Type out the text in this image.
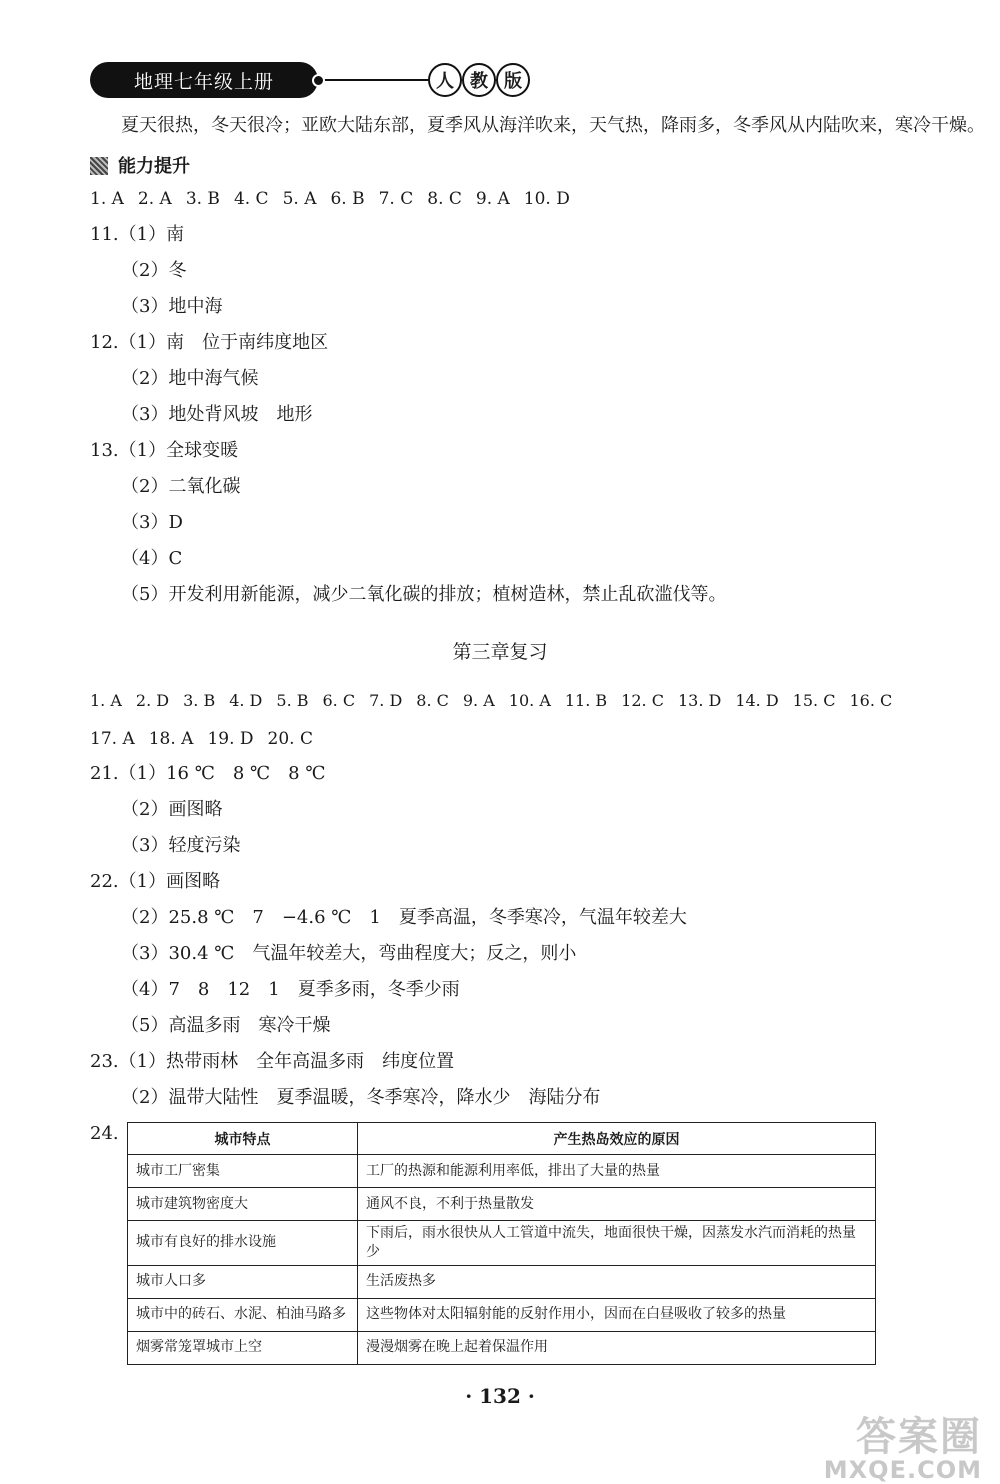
地理七年级上册	人 教 版
夏天很热，冬天很冷；亚欧大陆东部，夏季风从海洋吹来，天气热，降雨多，冬季风从内陆吹来，寒冷干燥。
能力提升
1. A 2. A 3. B 4. C 5. A 6. B 7. C 8. C 9. A 10. D
11.（1）南
（2）冬
（3）地中海
12.（1）南　位于南纬度地区
（2）地中海气候
（3）地处背风坡　地形
13.（1）全球变暖
（2）二氧化碳
（3）D
（4）C
（5）开发利用新能源，减少二氧化碳的排放；植树造林，禁止乱砍滥伐等。
第三章复习
1. A 2. D 3. B 4. D 5. B 6. C 7. D 8. C 9. A 10. A 11. B 12. C 13. D 14. D 15. C 16. C
17. A 18. A 19. D 20. C
21.（1）16 ℃　8 ℃　8 ℃
（2）画图略
（3）轻度污染
22.（1）画图略
（2）25.8 ℃　7　−4.6 ℃　1　夏季高温，冬季寒冷，气温年较差大
（3）30.4 ℃　气温年较差大，弯曲程度大；反之，则小
（4）7　8　12　1　夏季多雨，冬季少雨
（5）高温多雨　寒冷干燥
23.（1）热带雨林　全年高温多雨　纬度位置
（2）温带大陆性　夏季温暖，冬季寒冷，降水少　海陆分布
24.	城市特点	产生热岛效应的原因
城市工厂密集	工厂的热源和能源利用率低，排出了大量的热量
城市建筑物密度大	通风不良，不利于热量散发
城市有良好的排水设施	下雨后，雨水很快从人工管道中流失，地面很快干燥，因蒸发水汽而消耗的热量少
城市人口多	生活废热多
城市中的砖石、水泥、柏油马路多	这些物体对太阳辐射能的反射作用小，因而在白昼吸收了较多的热量
烟雾常笼罩城市上空	漫漫烟雾在晚上起着保温作用
· 132 ·
答案圈
MXQE.COM
